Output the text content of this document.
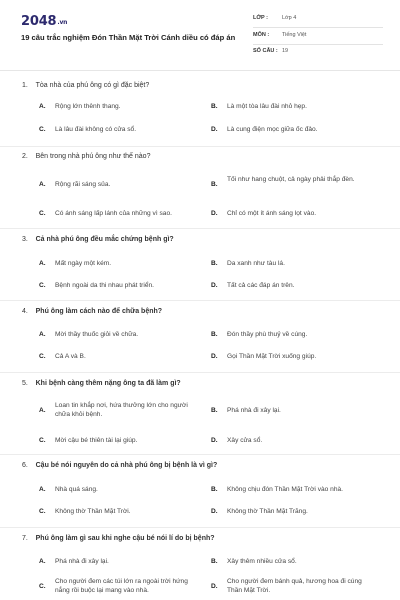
2048.vn
19 câu trắc nghiệm Đón Thần Mặt Trời Cánh diều có đáp án
LỚP :	Lớp 4
MÔN : Tiếng Việt
SỐ CÂU : 19
1. Tòa nhà của phú ông có gì đặc biệt?
A. Rộng lớn thênh thang.	B. Là một tòa lâu đài nhỏ hẹp.
C. Là lâu đài không có cửa sổ.	D. Là cung điện mọc giữa ốc đảo.
2. Bên trong nhà phú ông như thế nào?
A. Rộng rãi sáng sủa.	B.
Tối như hang chuột, cả ngày phải thắp đèn.
C. Có ánh sáng lấp lánh của những vì sao.	D. Chỉ có một ít ánh sáng lọt vào.
3. Cả nhà phú ông đều mắc chứng bệnh gì?
A. Mất ngày một kém.	B. Da xanh như tàu lá.
C. Bệnh ngoài da thi nhau phát triển.	D. Tất cả các đáp án trên.
4. Phú ông làm cách nào để chữa bệnh?
A. Mời thầy thuốc giỏi về chữa.	B. Đón thầy phù thuỷ về cúng.
C. Cả A và B.	D. Gọi Thần Mặt Trời xuống giúp.
5. Khi bệnh càng thêm nặng ông ta đã làm gì?
A.
Loan tin khắp nơi, hứa thưởng lớn cho người chữa khỏi bệnh.
B. Phá nhà đi xây lại.
C. Mời cậu bé thiên tài lại giúp.	D. Xây cửa sổ.
6. Cậu bé nói nguyên do cả nhà phú ông bị bệnh là vì gì?
A. Nhà quá sáng.	B. Không chịu đón Thần Mặt Trời vào nhà.
C. Không thờ Thần Mặt Trời.	D. Không thờ Thần Mặt Trăng.
7. Phú ông làm gì sau khi nghe cậu bé nói lí do bị bệnh?
A. Phá nhà đi xây lại.	B. Xây thêm nhiều cửa sổ.
C.
Cho người đem các túi lớn ra ngoài trời hứng nắng rồi buộc lại mang vào nhà.
D.
Cho người đem bánh quả, hương hoa đi cúng Thần Mặt Trời.
